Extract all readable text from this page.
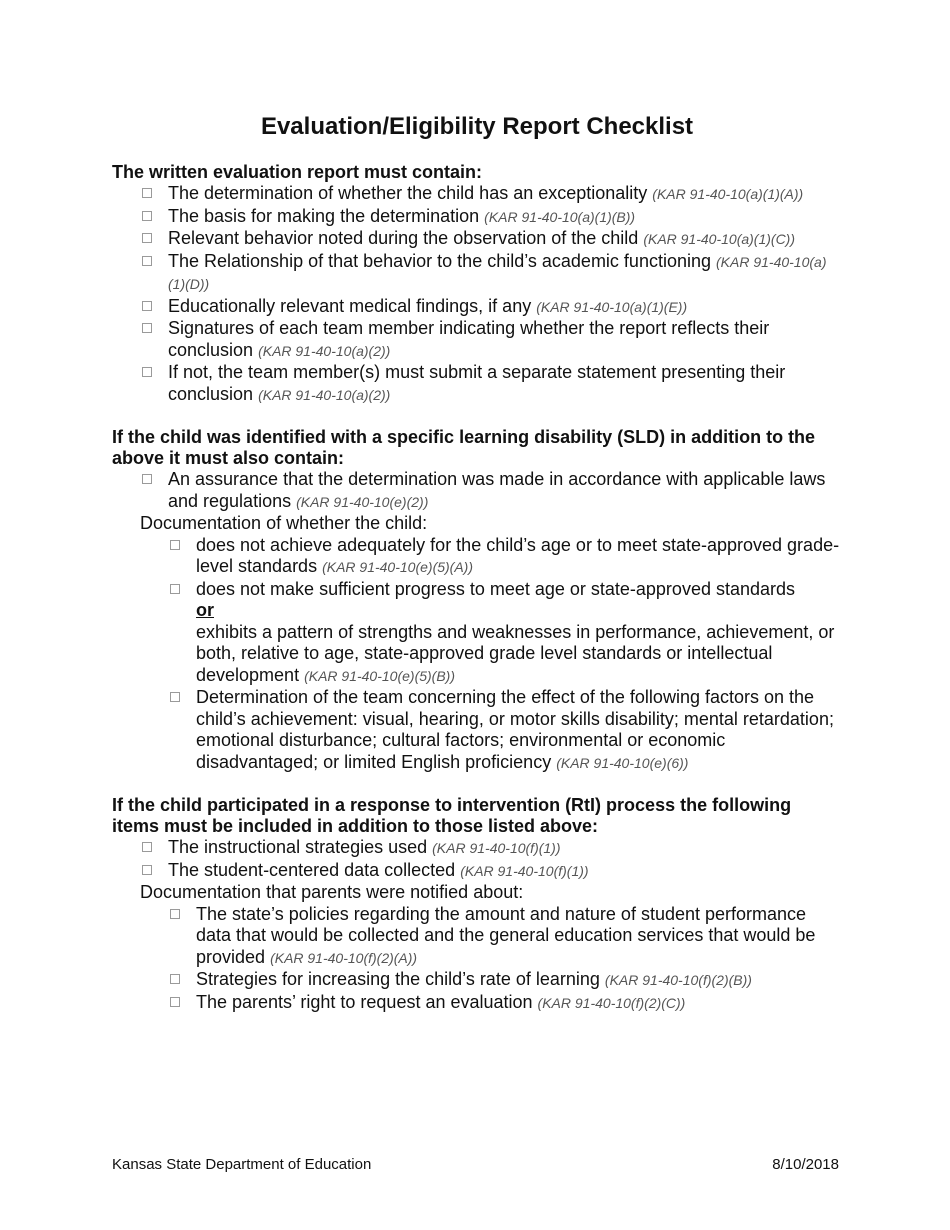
Evaluation/Eligibility Report Checklist

The written evaluation report must contain:

The determination of whether the child has an exceptionality (KAR 91-40-10(a)(1)(A))

The basis for making the determination (KAR 91-40-10(a)(1)(B))

Relevant behavior noted during the observation of the child (KAR 91-40-10(a)(1)(C))

The Relationship of that behavior to the child’s academic functioning (KAR 91-40-10(a)(1)(D))

Educationally relevant medical findings, if any (KAR 91-40-10(a)(1)(E))

Signatures of each team member indicating whether the report reflects their conclusion (KAR 91-40-10(a)(2))

If not, the team member(s) must submit a separate statement presenting their conclusion (KAR 91-40-10(a)(2))

If the child was identified with a specific learning disability (SLD) in addition to the above it must also contain:

An assurance that the determination was made in accordance with applicable laws and regulations (KAR 91-40-10(e)(2))

Documentation of whether the child:

does not achieve adequately for the child’s age or to meet state-approved grade-level standards (KAR 91-40-10(e)(5)(A))

does not make sufficient progress to meet age or state-approved standards
or
exhibits a pattern of strengths and weaknesses in performance, achievement, or both, relative to age, state-approved grade level standards or intellectual development (KAR 91-40-10(e)(5)(B))

Determination of the team concerning the effect of the following factors on the child’s achievement: visual, hearing, or motor skills disability; mental retardation; emotional disturbance; cultural factors; environmental or economic disadvantaged; or limited English proficiency (KAR 91-40-10(e)(6))

If the child participated in a response to intervention (RtI) process the following items must be included in addition to those listed above:

The instructional strategies used (KAR 91-40-10(f)(1))

The student-centered data collected (KAR 91-40-10(f)(1))

Documentation that parents were notified about:

The state’s policies regarding the amount and nature of student performance data that would be collected and the general education services that would be provided (KAR 91-40-10(f)(2)(A))

Strategies for increasing the child’s rate of learning (KAR 91-40-10(f)(2)(B))

The parents’ right to request an evaluation (KAR 91-40-10(f)(2)(C))

Kansas State Department of Education	8/10/2018
